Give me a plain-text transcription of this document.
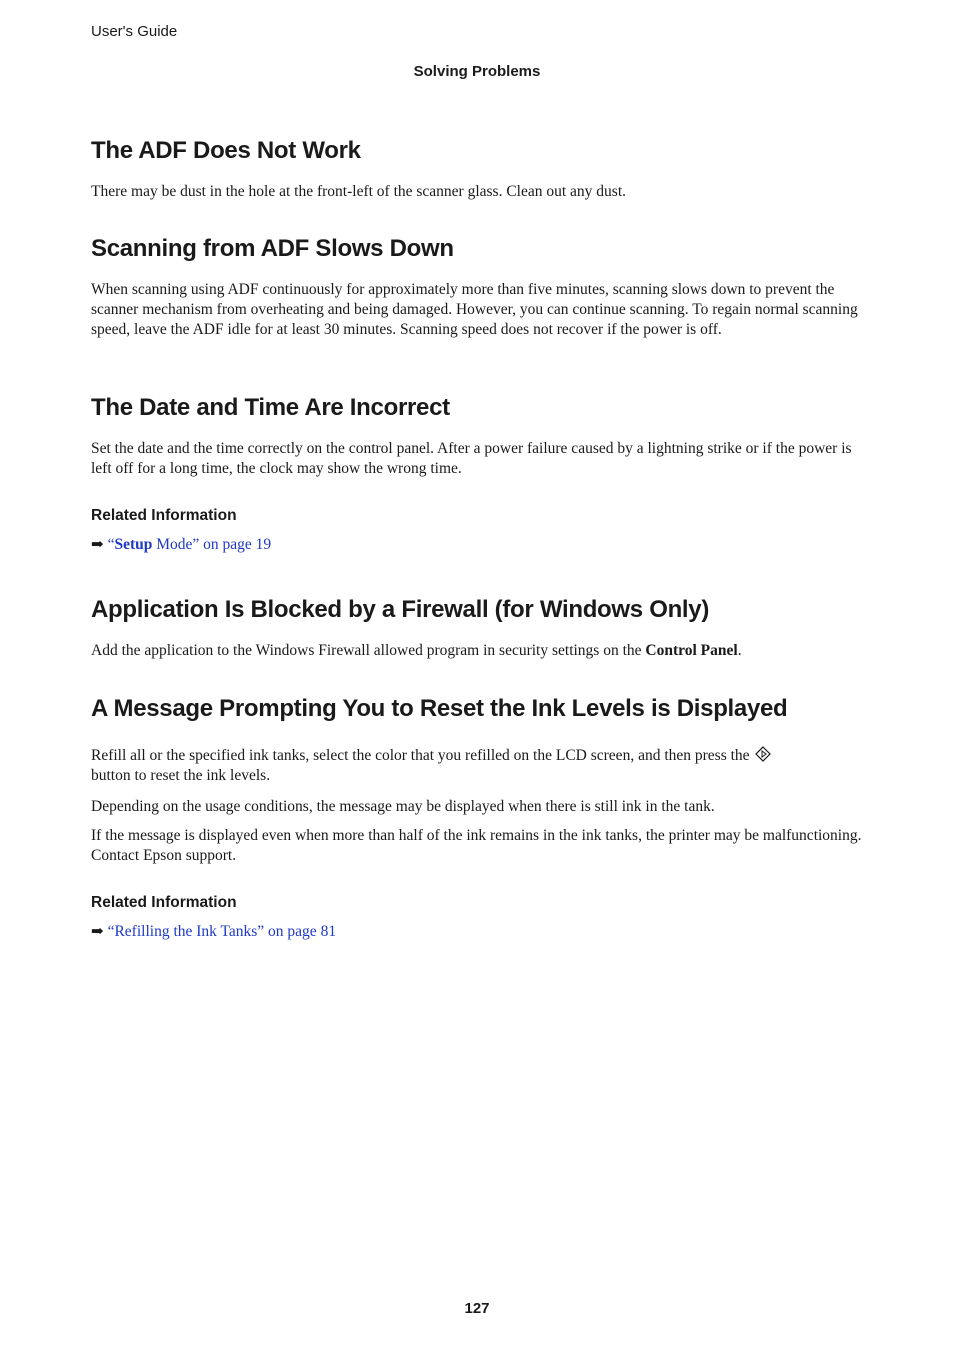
User's Guide
Solving Problems
The ADF Does Not Work

There may be dust in the hole at the front-left of the scanner glass. Clean out any dust.

Scanning from ADF Slows Down

When scanning using ADF continuously for approximately more than five minutes, scanning slows down to prevent the scanner mechanism from overheating and being damaged. However, you can continue scanning. To regain normal scanning speed, leave the ADF idle for at least 30 minutes. Scanning speed does not recover if the power is off.

The Date and Time Are Incorrect

Set the date and the time correctly on the control panel. After a power failure caused by a lightning strike or if the power is left off for a long time, the clock may show the wrong time.

Related Information
➡ “Setup Mode” on page 19
Application Is Blocked by a Firewall (for Windows Only)

Add the application to the Windows Firewall allowed program in security settings on the Control Panel.

A Message Prompting You to Reset the Ink Levels is Displayed

Refill all or the specified ink tanks, select the color that you refilled on the LCD screen, and then press the
button to reset the ink levels.

Depending on the usage conditions, the message may be displayed when there is still ink in the tank.

If the message is displayed even when more than half of the ink remains in the ink tanks, the printer may be malfunctioning. Contact Epson support.

Related Information
➡ “Refilling the Ink Tanks” on page 81
127
